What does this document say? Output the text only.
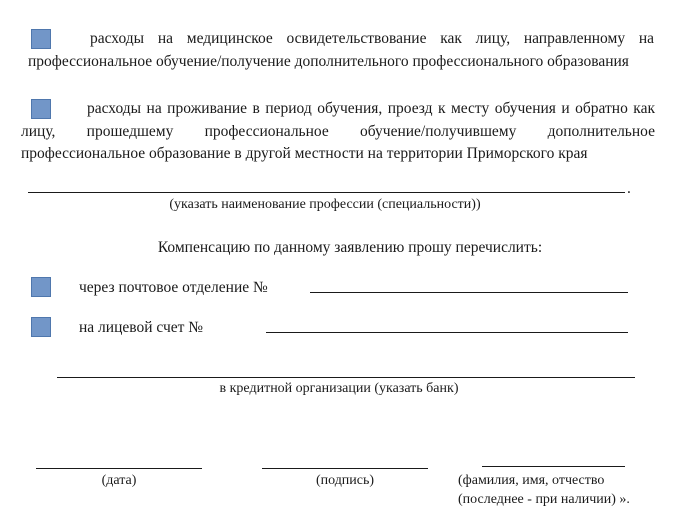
расходы на медицинское освидетельствование как лицу, направленному на профессиональное обучение/получение дополнительного профессионального образования
расходы на проживание в период обучения, проезд к месту обучения и обратно как лицу, прошедшему профессиональное обучение/получившему дополнительное профессиональное образование в другой местности на территории Приморского края
.
(указать наименование профессии (специальности))
Компенсацию по данному заявлению прошу перечислить:
через почтовое отделение №
на лицевой счет №
в кредитной организации (указать банк)
(дата)	(подпись)	(фамилия, имя, отчество
(последнее - при наличии) ».
